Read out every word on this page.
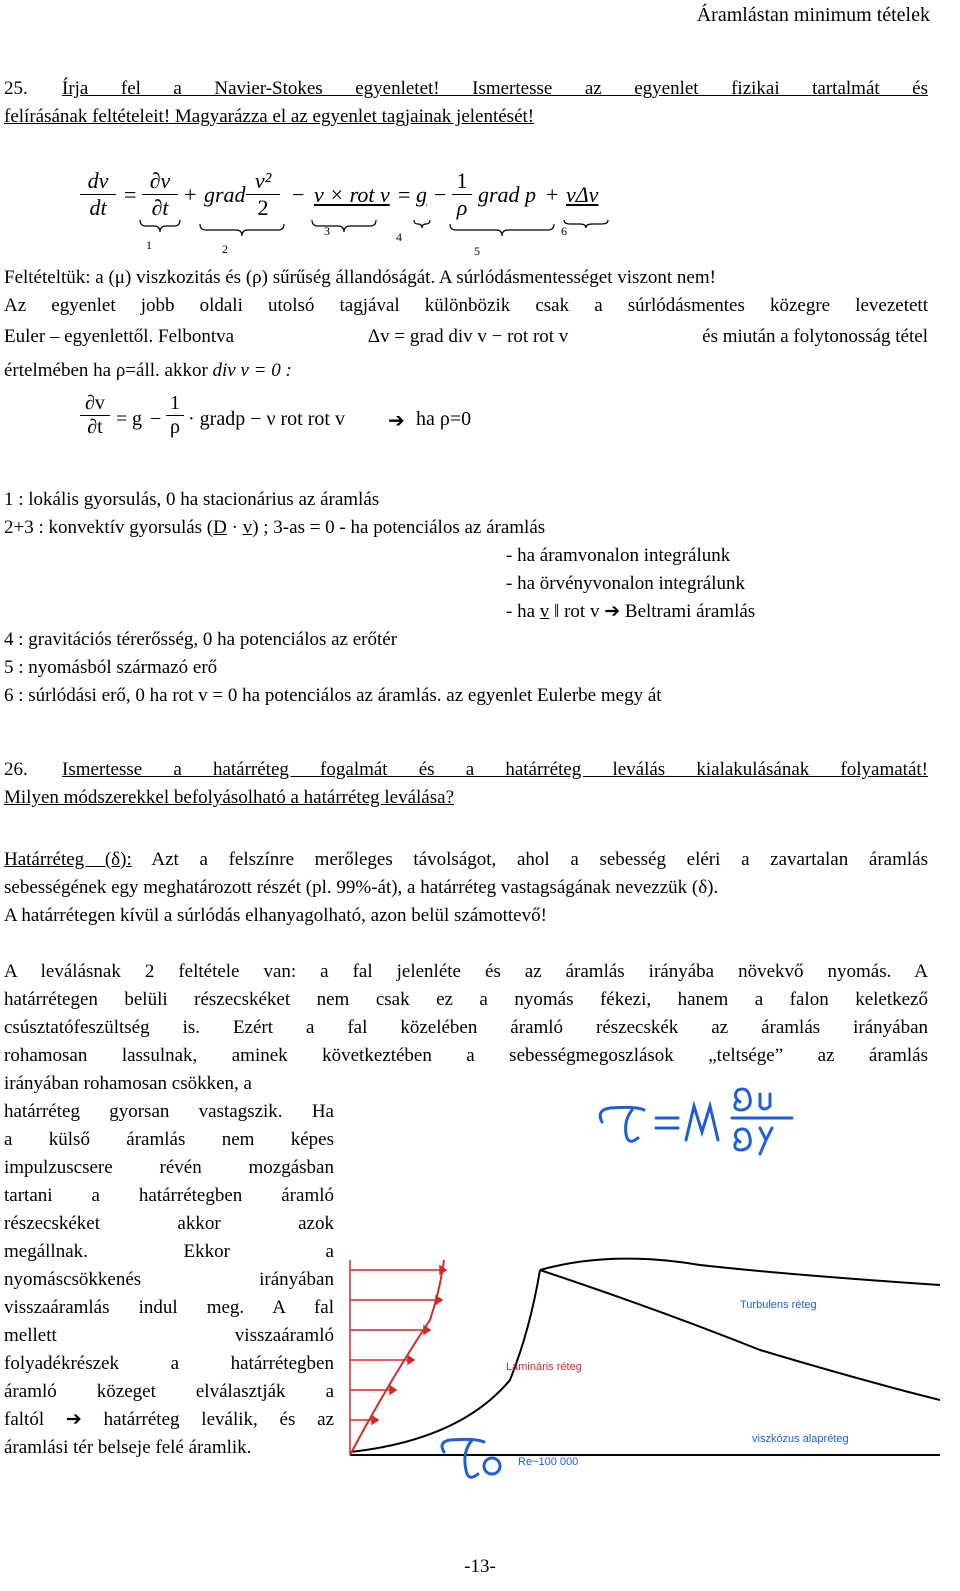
Áramlástan minimum tételek
25.	Írja fel a Navier-Stokes egyenletet! Ismertesse az egyenlet fizikai tartalmát és
felírásának feltételeit! Magyarázza el az egyenlet tagjainak jelentését!
$\frac{dv}{dt} = \frac{\partial v}{\partial t}$ + grad $\frac{\text{v²}}{2} - v$ × rot $v = g - \frac{1}{\rho}$ grad p + νΔv
1	2
3	4
5
6
Feltételtük: a (μ) viszkozitás és (ρ) sűrűség állandóságát. A súrlódásmentességet viszont nem!
Az egyenlet jobb oldali utolsó tagjával különbözik csak a súrlódásmentes közegre levezetett
Euler – egyenlettől. Felbontva	Δv = grad div v − rot rot v	és miután a folytonosság tétel
értelmében ha ρ=áll. akkor div v = 0 :
$\frac{\partial v}{\partial t} = g - \frac{1}{\rho}$ · gradp − ν rot rot v ➔ ha ρ=0
1 : lokális gyorsulás, 0 ha stacionárius az áramlás
2+3 : konvektív gyorsulás (D · v) ; 3-as = 0 - ha potenciálos az áramlás
- ha áramvonalon integrálunk
- ha örvényvonalon integrálunk
- ha v ‖ rot v ➔ Beltrami áramlás
4 : gravitációs térerősség, 0 ha potenciálos az erőtér
5 : nyomásból származó erő
6 : súrlódási erő, 0 ha rot v = 0 ha potenciálos az áramlás. az egyenlet Eulerbe megy át
26.	Ismertesse a határréteg fogalmát és a határréteg leválás kialakulásának folyamatát!
Milyen módszerekkel befolyásolható a határréteg leválása?
Határréteg (δ): Azt a felszínre merőleges távolságot, ahol a sebesség eléri a zavartalan áramlás
sebességének egy meghatározott részét (pl. 99%-át), a határréteg vastagságának nevezzük (δ).
A határrétegen kívül a súrlódás elhanyagolható, azon belül számottevő!
A leválásnak 2 feltétele van: a fal jelenléte és az áramlás irányába növekvő nyomás. A
határrétegen belüli részecskéket nem csak ez a nyomás fékezi, hanem a falon keletkező
csúsztatófeszültség is. Ezért a fal közelében áramló részecskék az áramlás irányában
rohamosan lassulnak, aminek következtében a sebességmegoszlások „teltsége” az áramlás
irányában rohamosan csökken, a
határréteg gyorsan vastagszik. Ha
a külső áramlás nem képes
impulzuscsere révén mozgásban
tartani a határrétegben áramló
részecskéket akkor azok
megállnak. Ekkor a
nyomáscsökkenés irányában
visszaáramlás indul meg. A fal
mellett visszaáramló
folyadékrészek a határrétegben
áramló közeget elválasztják a
faltól ➔ határréteg leválik, és az
áramlási tér belseje felé áramlik.
Turbulens réteg
Lamináris réteg
viszkózus alapréteg
Re~100 000
-13-
